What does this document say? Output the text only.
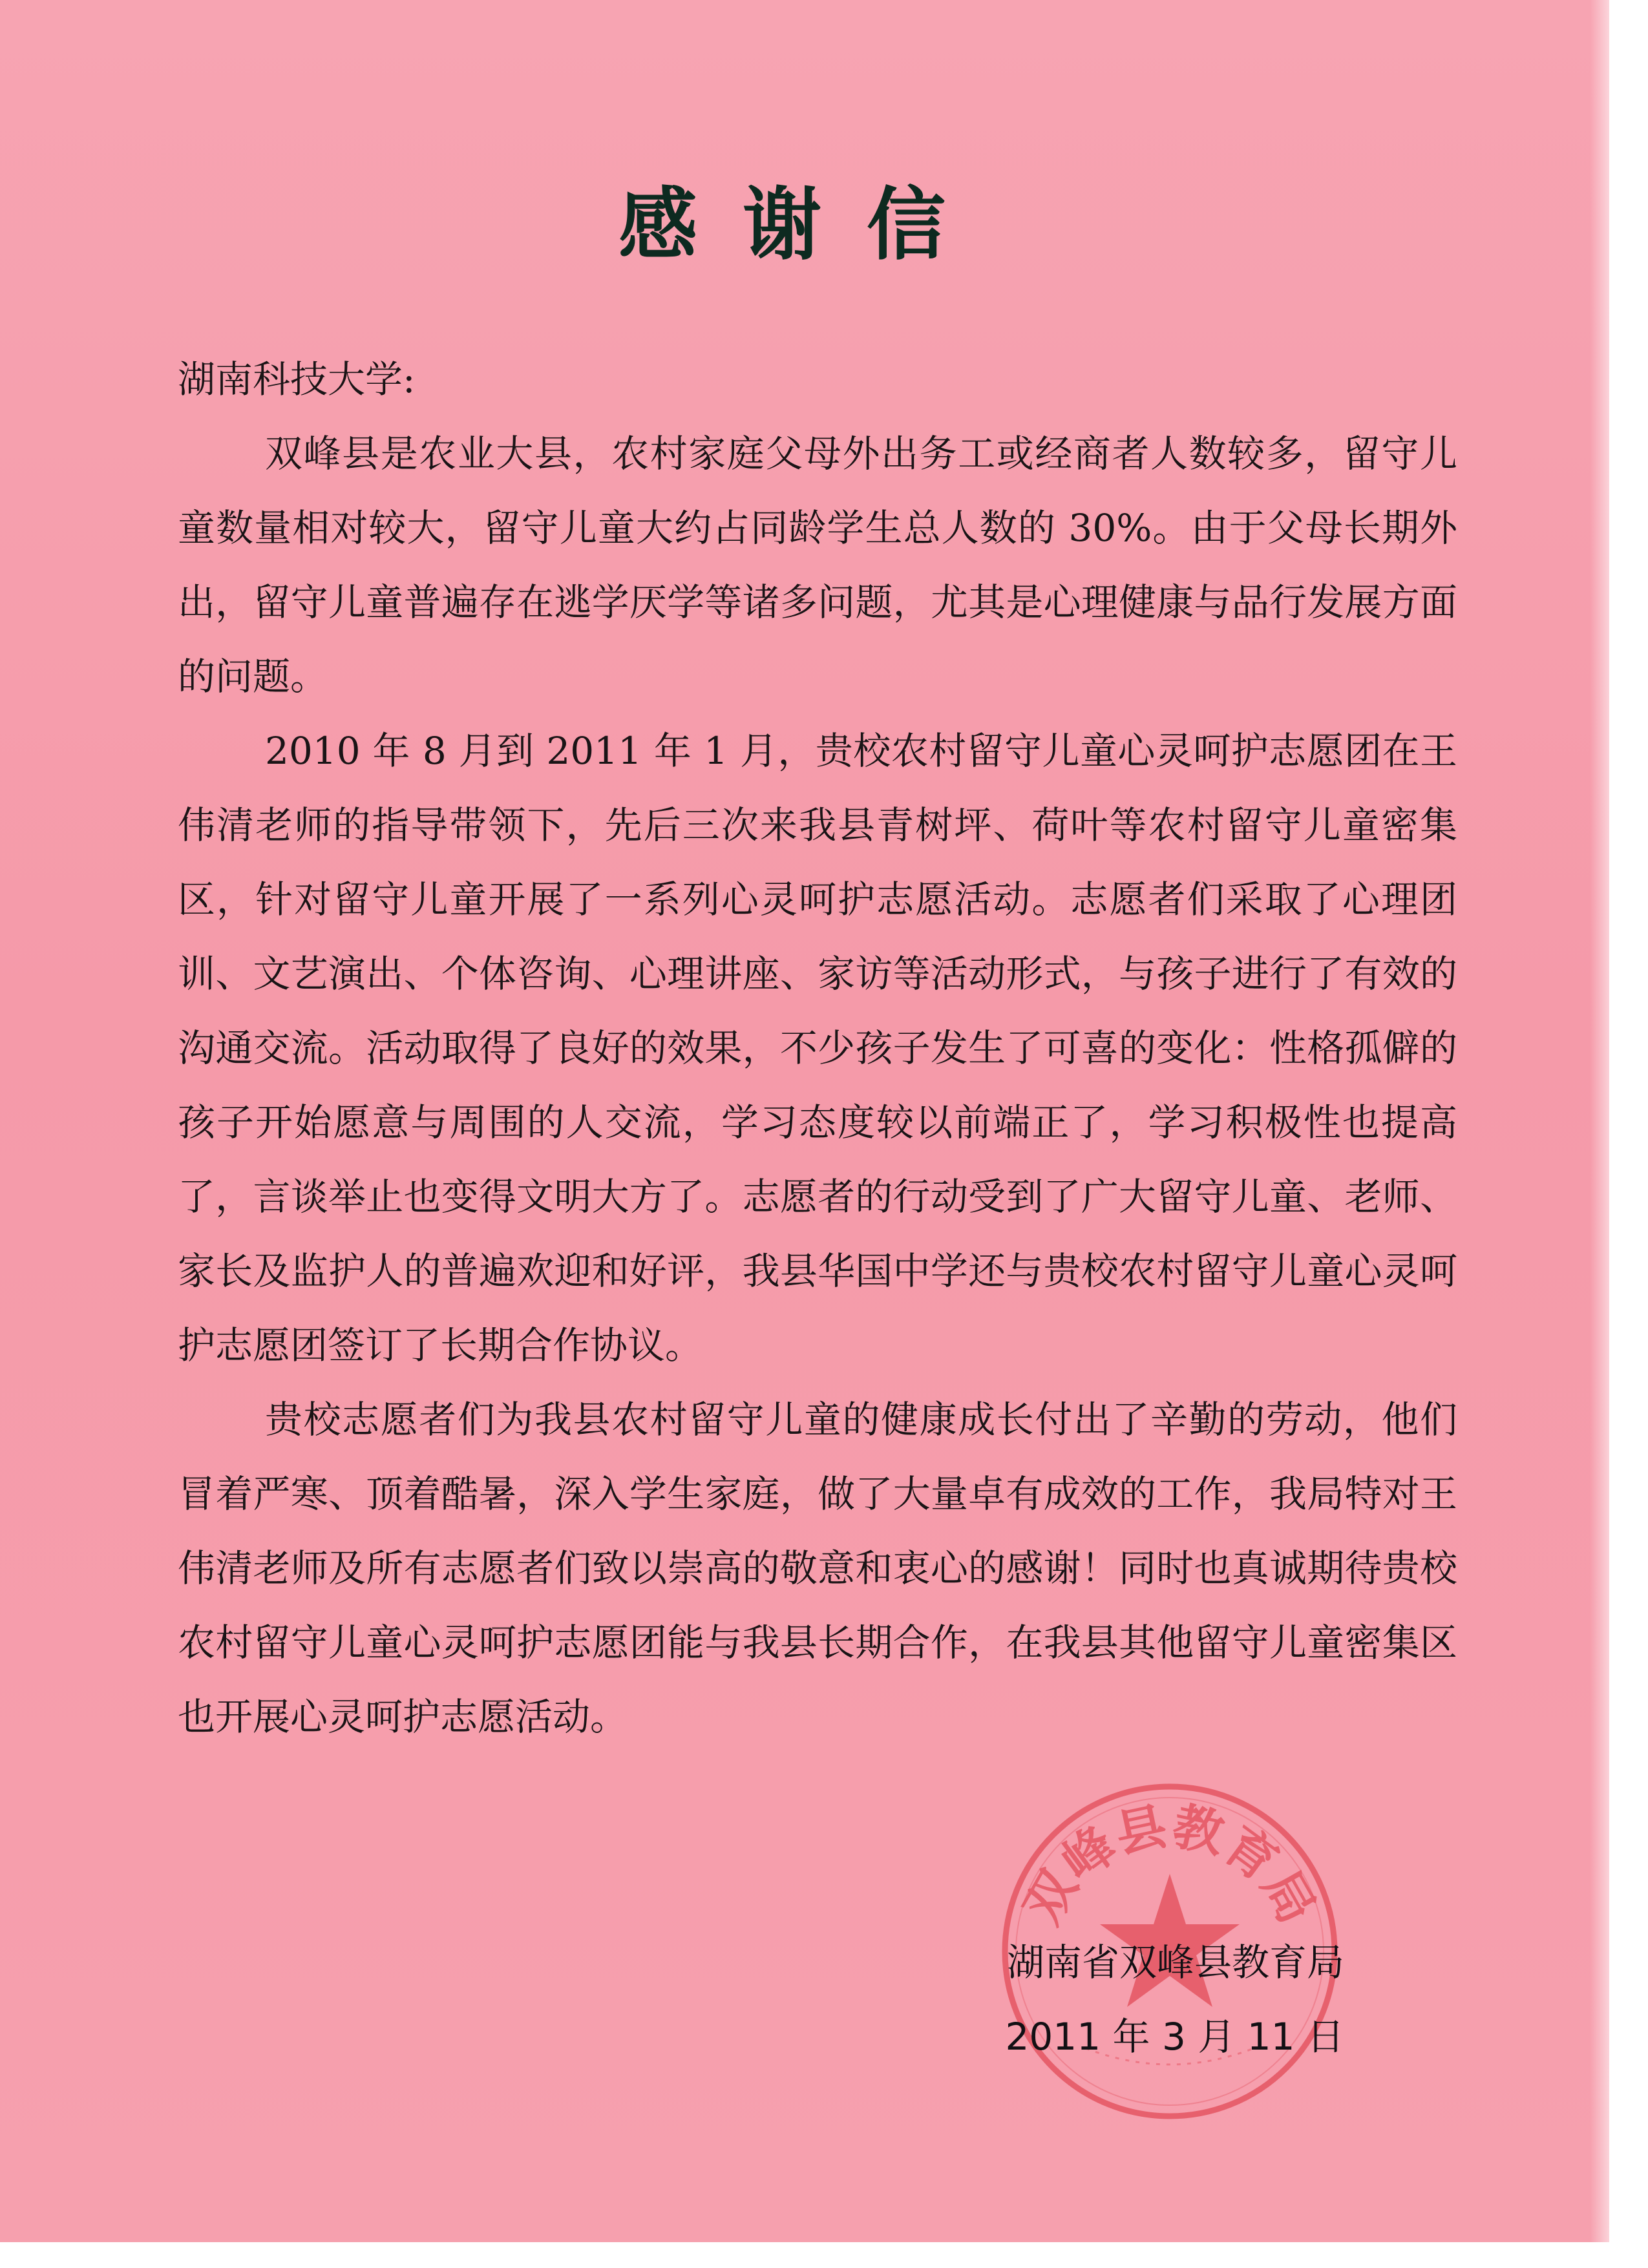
感谢信

湖南科技大学:

双峰县是农业大县，农村家庭父母外出务工或经商者人数较多，留守儿童数量相对较大，留守儿童大约占同龄学生总人数的 30%。由于父母长期外出，留守儿童普遍存在逃学厌学等诸多问题，尤其是心理健康与品行发展方面的问题。

2010 年 8 月到 2011 年 1 月，贵校农村留守儿童心灵呵护志愿团在王伟清老师的指导带领下，先后三次来我县青树坪、荷叶等农村留守儿童密集区，针对留守儿童开展了一系列心灵呵护志愿活动。志愿者们采取了心理团训、文艺演出、个体咨询、心理讲座、家访等活动形式，与孩子进行了有效的沟通交流。活动取得了良好的效果，不少孩子发生了可喜的变化：性格孤僻的孩子开始愿意与周围的人交流，学习态度较以前端正了，学习积极性也提高了，言谈举止也变得文明大方了。志愿者的行动受到了广大留守儿童、老师、家长及监护人的普遍欢迎和好评，我县华国中学还与贵校农村留守儿童心灵呵护志愿团签订了长期合作协议。

贵校志愿者们为我县农村留守儿童的健康成长付出了辛勤的劳动，他们冒着严寒、顶着酷暑，深入学生家庭，做了大量卓有成效的工作，我局特对王伟清老师及所有志愿者们致以崇高的敬意和衷心的感谢！同时也真诚期待贵校农村留守儿童心灵呵护志愿团能与我县长期合作，在我县其他留守儿童密集区也开展心灵呵护志愿活动。

双峰县教育局
湖南省双峰县教育局
2011 年 3 月 11 日
